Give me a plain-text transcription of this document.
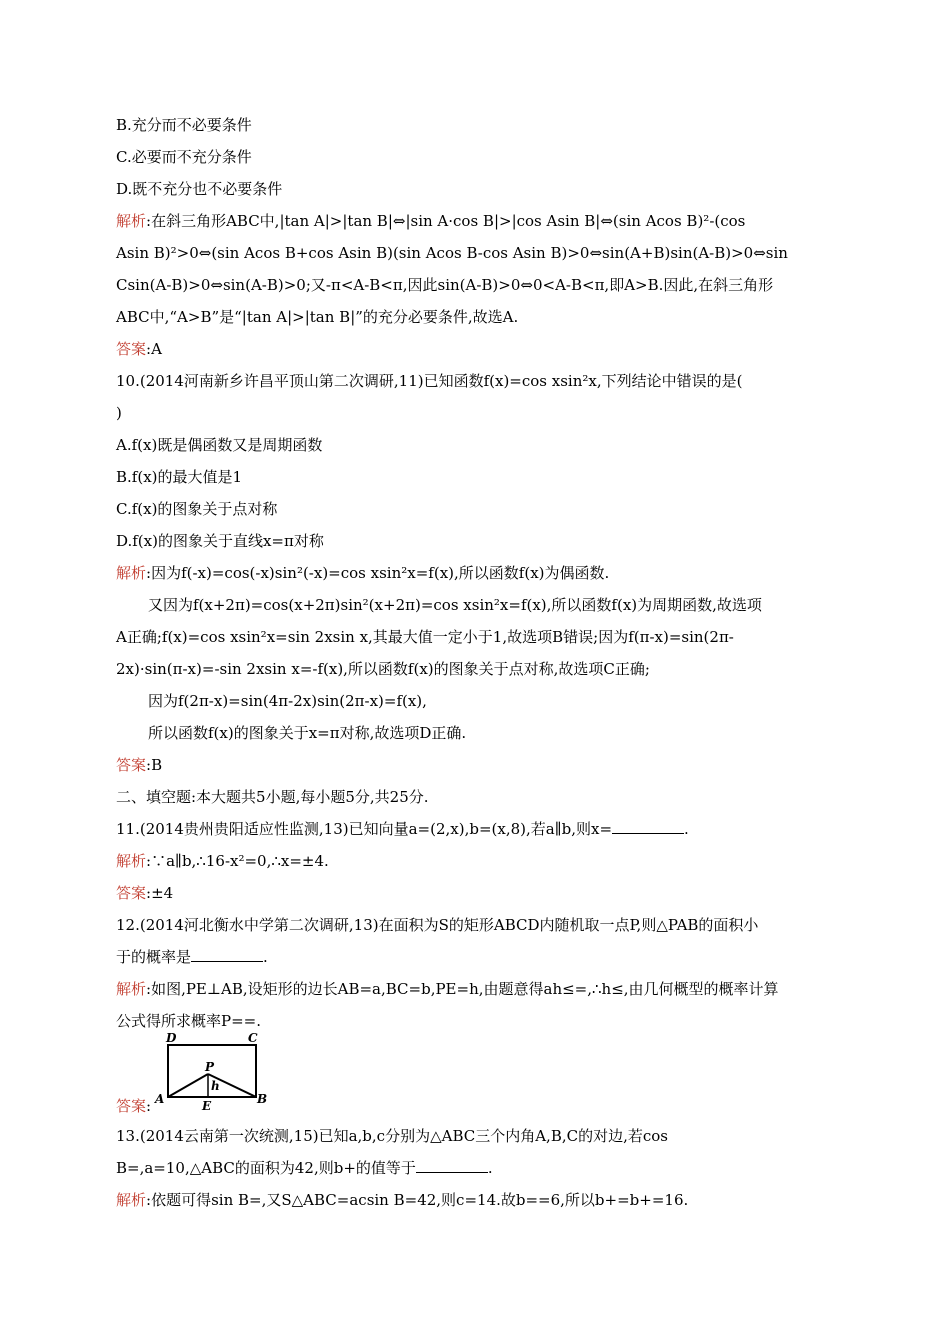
B.充分而不必要条件
C.必要而不充分条件
D.既不充分也不必要条件
解析:在斜三角形ABC中,|tan A|>|tan B|⇔|sin A·cos B|>|cos Asin B|⇔(sin Acos B)²-(cos
Asin B)²>0⇔(sin Acos B+cos Asin B)(sin Acos B-cos Asin B)>0⇔sin(A+B)sin(A-B)>0⇔sin
Csin(A-B)>0⇔sin(A-B)>0;又-π<A-B<π,因此sin(A-B)>0⇔0<A-B<π,即A>B.因此,在斜三角形
ABC中,“A>B”是“|tan A|>|tan B|”的充分必要条件,故选A.
答案:A
10.(2014河南新乡许昌平顶山第二次调研,11)已知函数f(x)=cos xsin²x,下列结论中错误的是(
)
A.f(x)既是偶函数又是周期函数
B.f(x)的最大值是1
C.f(x)的图象关于点对称
D.f(x)的图象关于直线x=π对称
解析:因为f(-x)=cos(-x)sin²(-x)=cos xsin²x=f(x),所以函数f(x)为偶函数.
又因为f(x+2π)=cos(x+2π)sin²(x+2π)=cos xsin²x=f(x),所以函数f(x)为周期函数,故选项
A正确;f(x)=cos xsin²x=sin 2xsin x,其最大值一定小于1,故选项B错误;因为f(π-x)=sin(2π-
2x)·sin(π-x)=-sin 2xsin x=-f(x),所以函数f(x)的图象关于点对称,故选项C正确;
因为f(2π-x)=sin(4π-2x)sin(2π-x)=f(x),
所以函数f(x)的图象关于x=π对称,故选项D正确.
答案:B
二、填空题:本大题共5小题,每小题5分,共25分.
11.(2014贵州贵阳适应性监测,13)已知向量a=(2,x),b=(x,8),若a∥b,则x=	.
解析:∵a∥b,∴16-x²=0,∴x=±4.
答案:±4
12.(2014河北衡水中学第二次调研,13)在面积为S的矩形ABCD内随机取一点P,则△PAB的面积小
于的概率是	.
解析:如图,PE⊥AB,设矩形的边长AB=a,BC=b,PE=h,由题意得ah≤=,∴h≤,由几何概型的概率计算
公式得所求概率P==.
答案:
13.(2014云南第一次统测,15)已知a,b,c分别为△ABC三个内角A,B,C的对边,若cos
B=,a=10,△ABC的面积为42,则b+的值等于	.
解析:依题可得sin B=,又S△ABC=acsin B=42,则c=14.故b==6,所以b+=b+=16.
D	C
A	B
P
E
h
